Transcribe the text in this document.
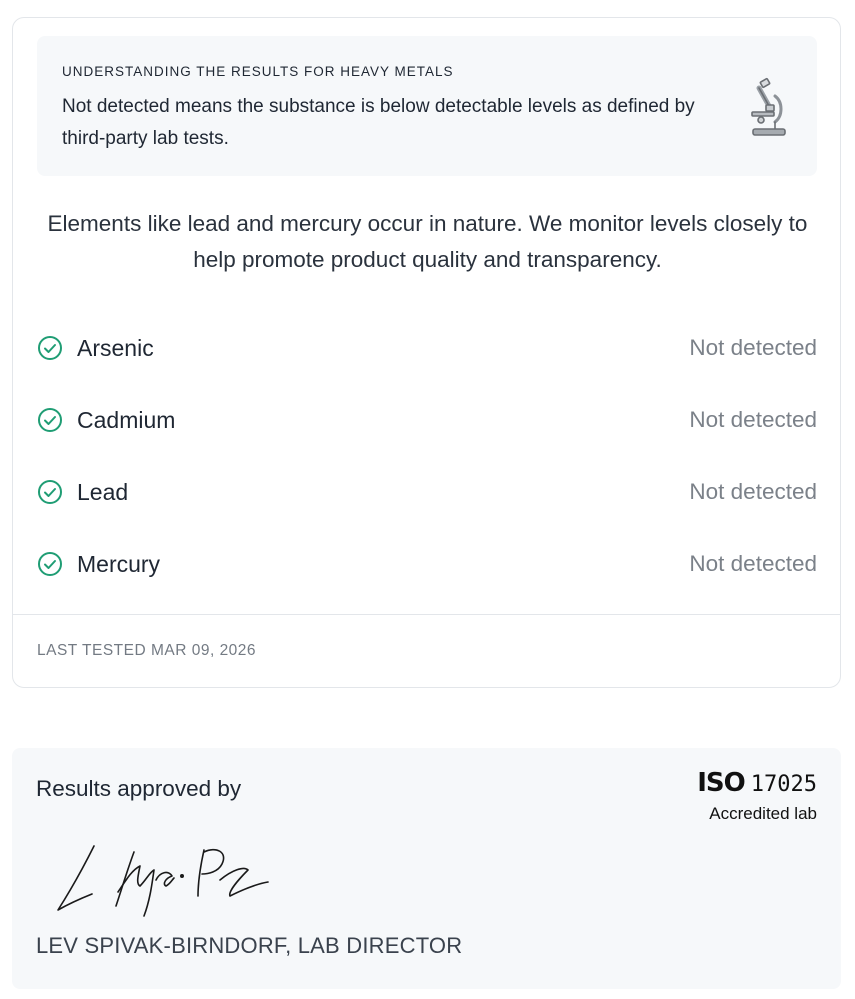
UNDERSTANDING THE RESULTS FOR HEAVY METALS
Not detected means the substance is below detectable levels as defined by third-party lab tests.
Elements like lead and mercury occur in nature. We monitor levels closely to help promote product quality and transparency.
Arsenic	Not detected
Cadmium	Not detected
Lead	Not detected
Mercury	Not detected
LAST TESTED MAR 09, 2026
Results approved by	ISO 17025
Accredited lab
LEV SPIVAK-BIRNDORF, LAB DIRECTOR
